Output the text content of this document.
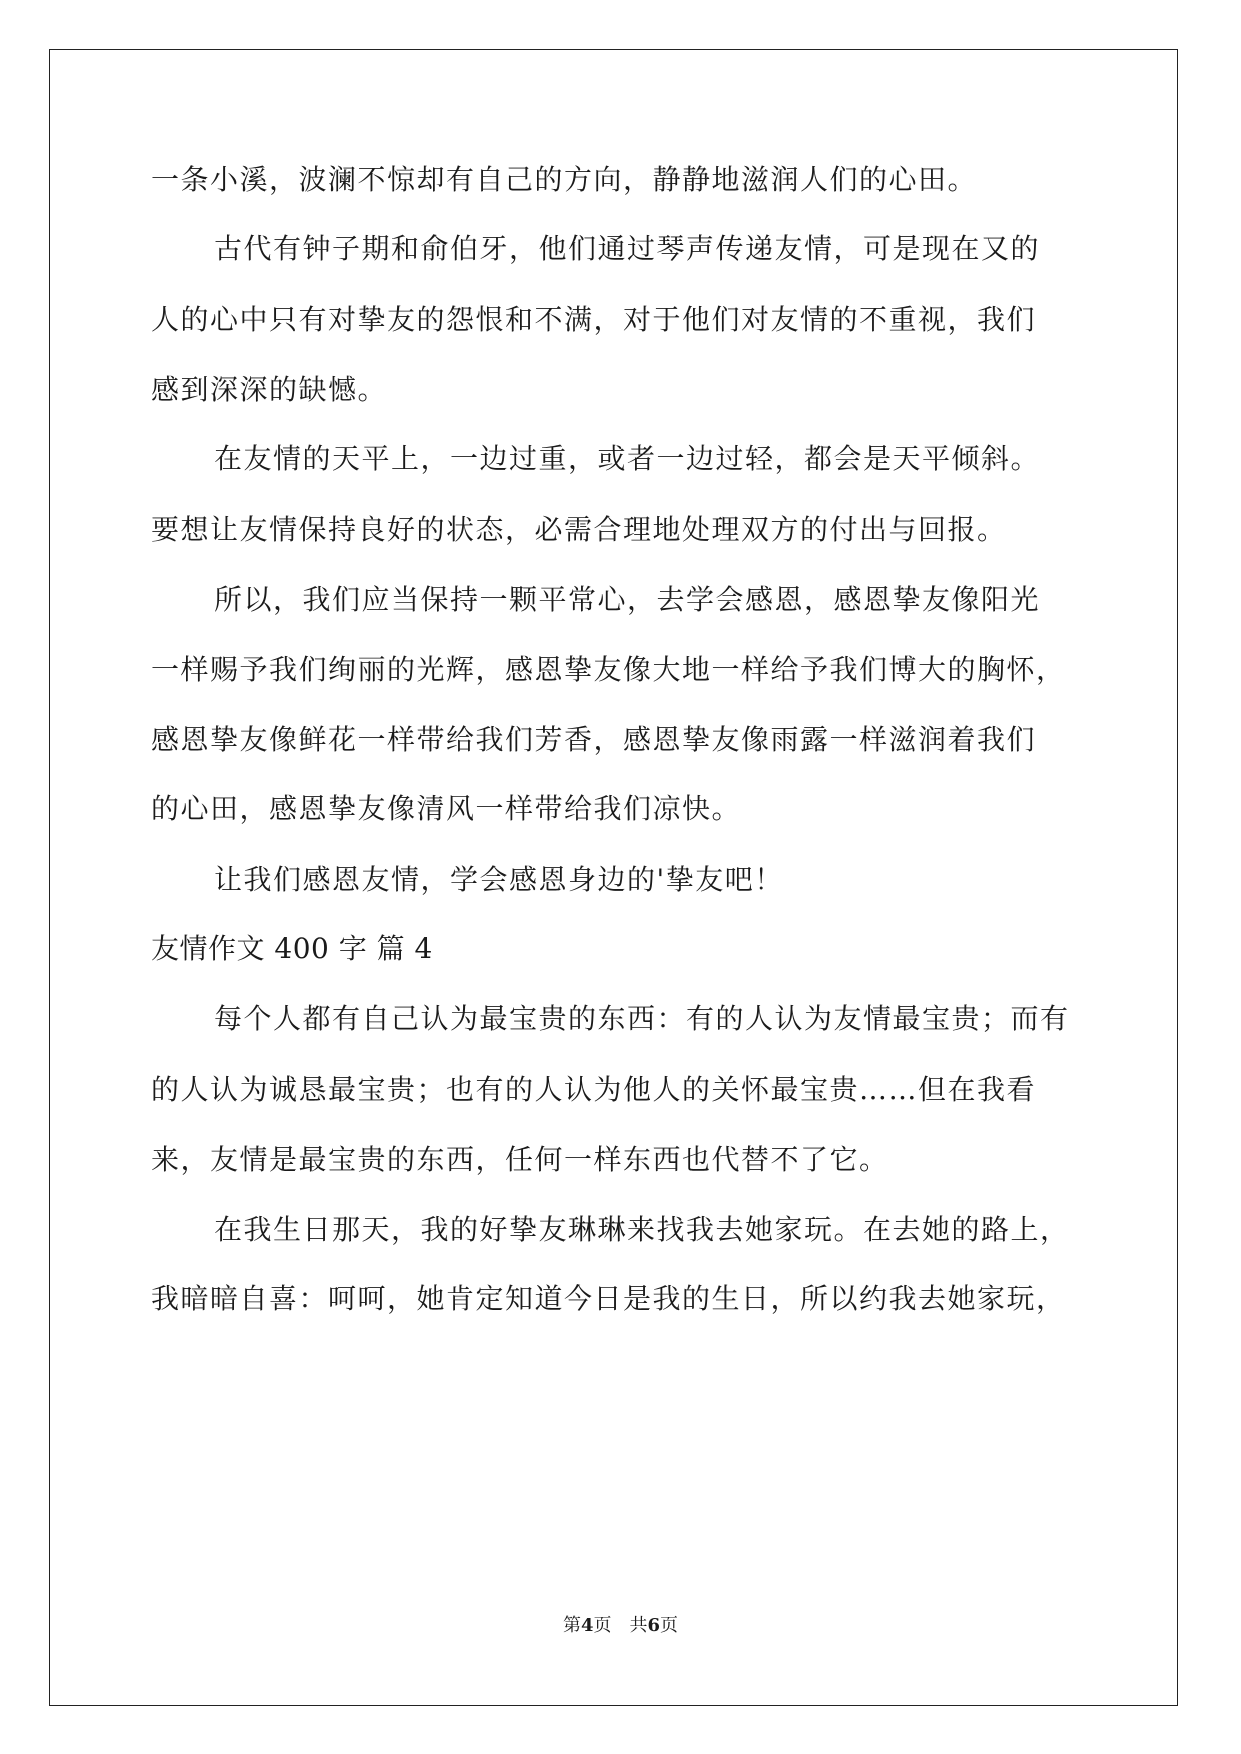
一条小溪，波澜不惊却有自己的方向，静静地滋润人们的心田。
古代有钟子期和俞伯牙，他们通过琴声传递友情，可是现在又的
人的心中只有对挚友的怨恨和不满，对于他们对友情的不重视，我们
感到深深的缺憾。
在友情的天平上，一边过重，或者一边过轻，都会是天平倾斜。
要想让友情保持良好的状态，必需合理地处理双方的付出与回报。
所以，我们应当保持一颗平常心，去学会感恩，感恩挚友像阳光
一样赐予我们绚丽的光辉，感恩挚友像大地一样给予我们博大的胸怀，
感恩挚友像鲜花一样带给我们芳香，感恩挚友像雨露一样滋润着我们
的心田，感恩挚友像清风一样带给我们凉快。
让我们感恩友情，学会感恩身边的'挚友吧！
友情作文 400 字 篇 4
每个人都有自己认为最宝贵的东西：有的人认为友情最宝贵；而有
的人认为诚恳最宝贵；也有的人认为他人的关怀最宝贵……但在我看
来，友情是最宝贵的东西，任何一样东西也代替不了它。
在我生日那天，我的好挚友琳琳来找我去她家玩。在去她的路上，
我暗暗自喜：呵呵，她肯定知道今日是我的生日，所以约我去她家玩，
第4页 共6页
